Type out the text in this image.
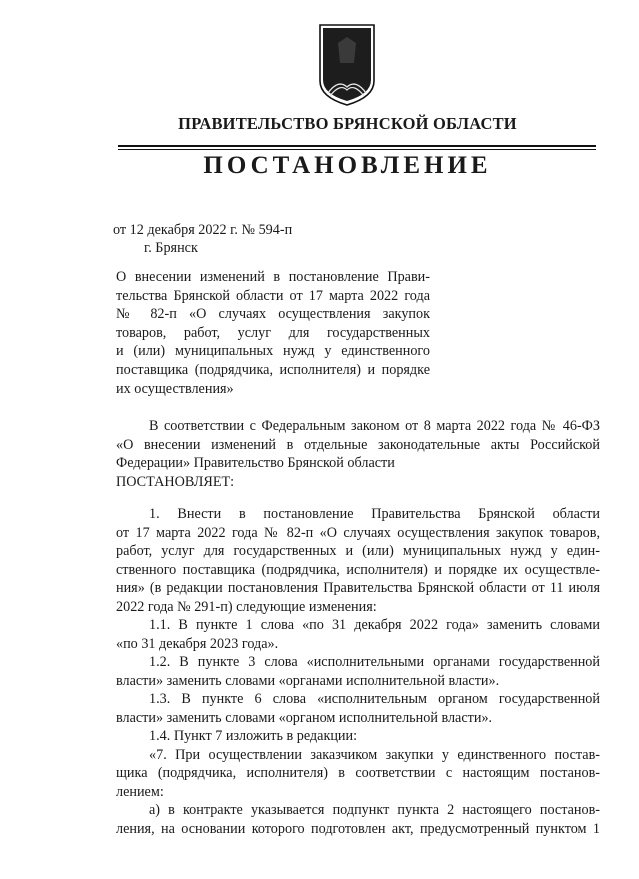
ПРАВИТЕЛЬСТВО БРЯНСКОЙ ОБЛАСТИ
ПОСТАНОВЛЕНИЕ
от 12 декабря 2022 г. № 594-п
г. Брянск
О внесении изменений в постановление Прави-
тельства Брянской области от 17 марта 2022 года
№ 82-п «О случаях осуществления закупок
товаров, работ, услуг для государственных
и (или) муниципальных нужд у единственного
поставщика (подрядчика, исполнителя) и порядке
их осуществления»
В соответствии с Федеральным законом от 8 марта 2022 года № 46-ФЗ
«О внесении изменений в отдельные законодательные акты Российской
Федерации» Правительство Брянской области
ПОСТАНОВЛЯЕТ:
1. Внести в постановление Правительства Брянской области
от 17 марта 2022 года № 82-п «О случаях осуществления закупок товаров,
работ, услуг для государственных и (или) муниципальных нужд у един-
ственного поставщика (подрядчика, исполнителя) и порядке их осуществле-
ния» (в редакции постановления Правительства Брянской области от 11 июля
2022 года № 291-п) следующие изменения:
1.1. В пункте 1 слова «по 31 декабря 2022 года» заменить словами
«по 31 декабря 2023 года».
1.2. В пункте 3 слова «исполнительными органами государственной
власти» заменить словами «органами исполнительной власти».
1.3. В пункте 6 слова «исполнительным органом государственной
власти» заменить словами «органом исполнительной власти».
1.4. Пункт 7 изложить в редакции:
«7. При осуществлении заказчиком закупки у единственного постав-
щика (подрядчика, исполнителя) в соответствии с настоящим постанов-
лением:
а) в контракте указывается подпункт пункта 2 настоящего постанов-
ления, на основании которого подготовлен акт, предусмотренный пунктом 1
